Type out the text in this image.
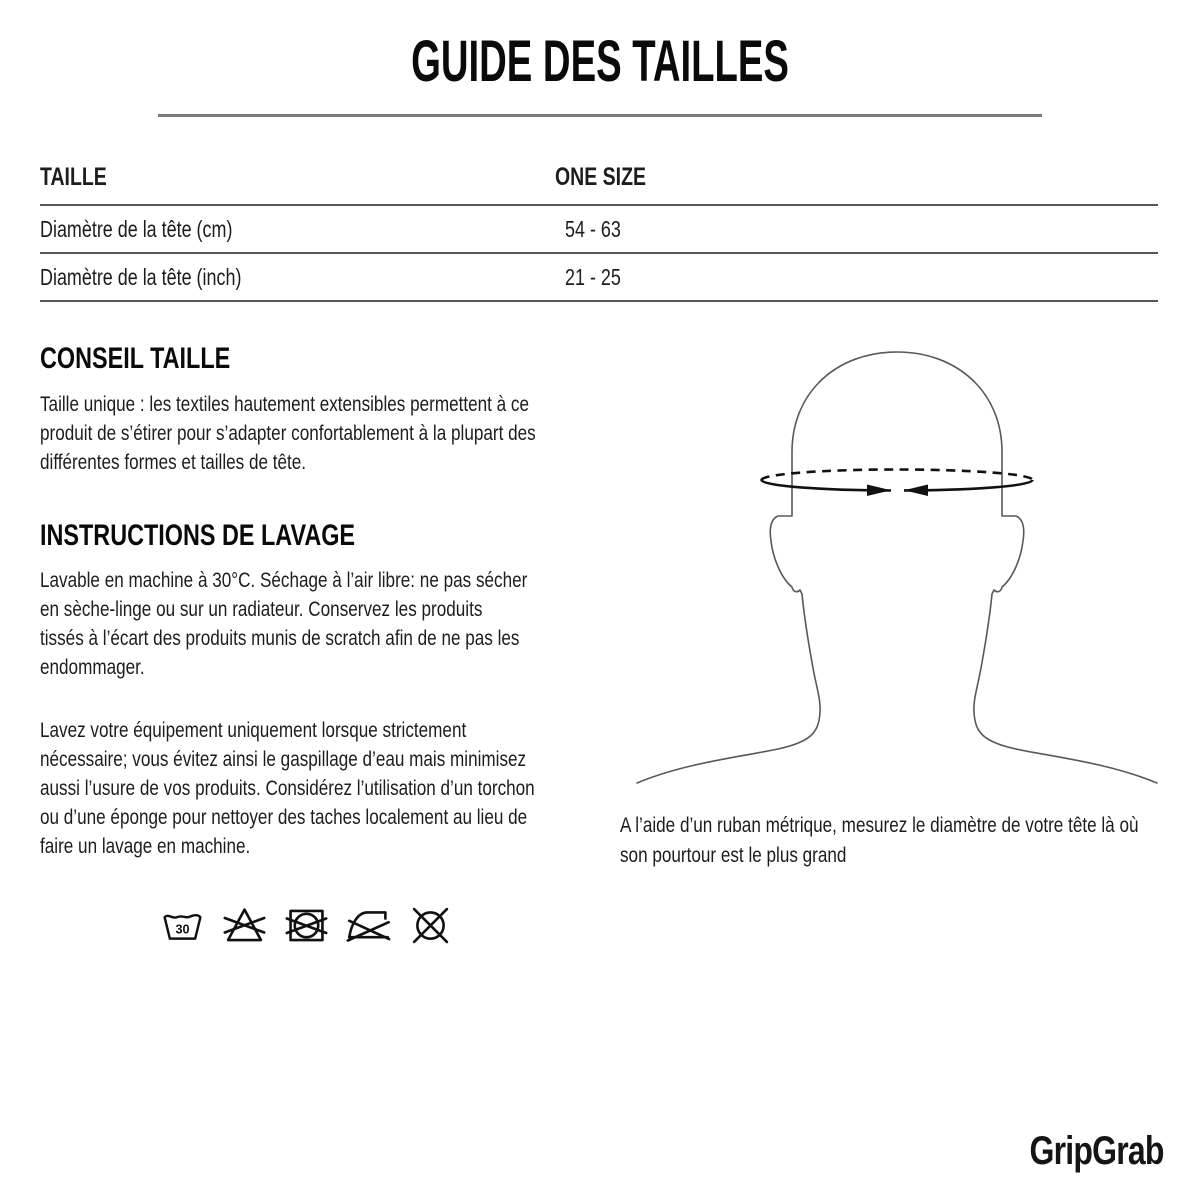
GUIDE DES TAILLES
TAILLE	ONE SIZE
Diamètre de la tête (cm)	54 - 63
Diamètre de la tête (inch)	21 - 25
CONSEIL TAILLE
Taille unique : les textiles hautement extensibles permettent à ce
produit de s’étirer pour s’adapter confortablement à la plupart des
différentes formes et tailles de tête.
INSTRUCTIONS DE LAVAGE
Lavable en machine à 30°C. Séchage à l’air libre: ne pas sécher
en sèche-linge ou sur un radiateur. Conservez les produits
tissés à l’écart des produits munis de scratch afin de ne pas les
endommager.
Lavez votre équipement uniquement lorsque strictement
nécessaire; vous évitez ainsi le gaspillage d’eau mais minimisez
aussi l’usure de vos produits. Considérez l’utilisation d’un torchon
ou d’une éponge pour nettoyer des taches localement au lieu de
faire un lavage en machine.
30
A l’aide d’un ruban métrique, mesurez le diamètre de votre tête là où
son pourtour est le plus grand
GripGrab
